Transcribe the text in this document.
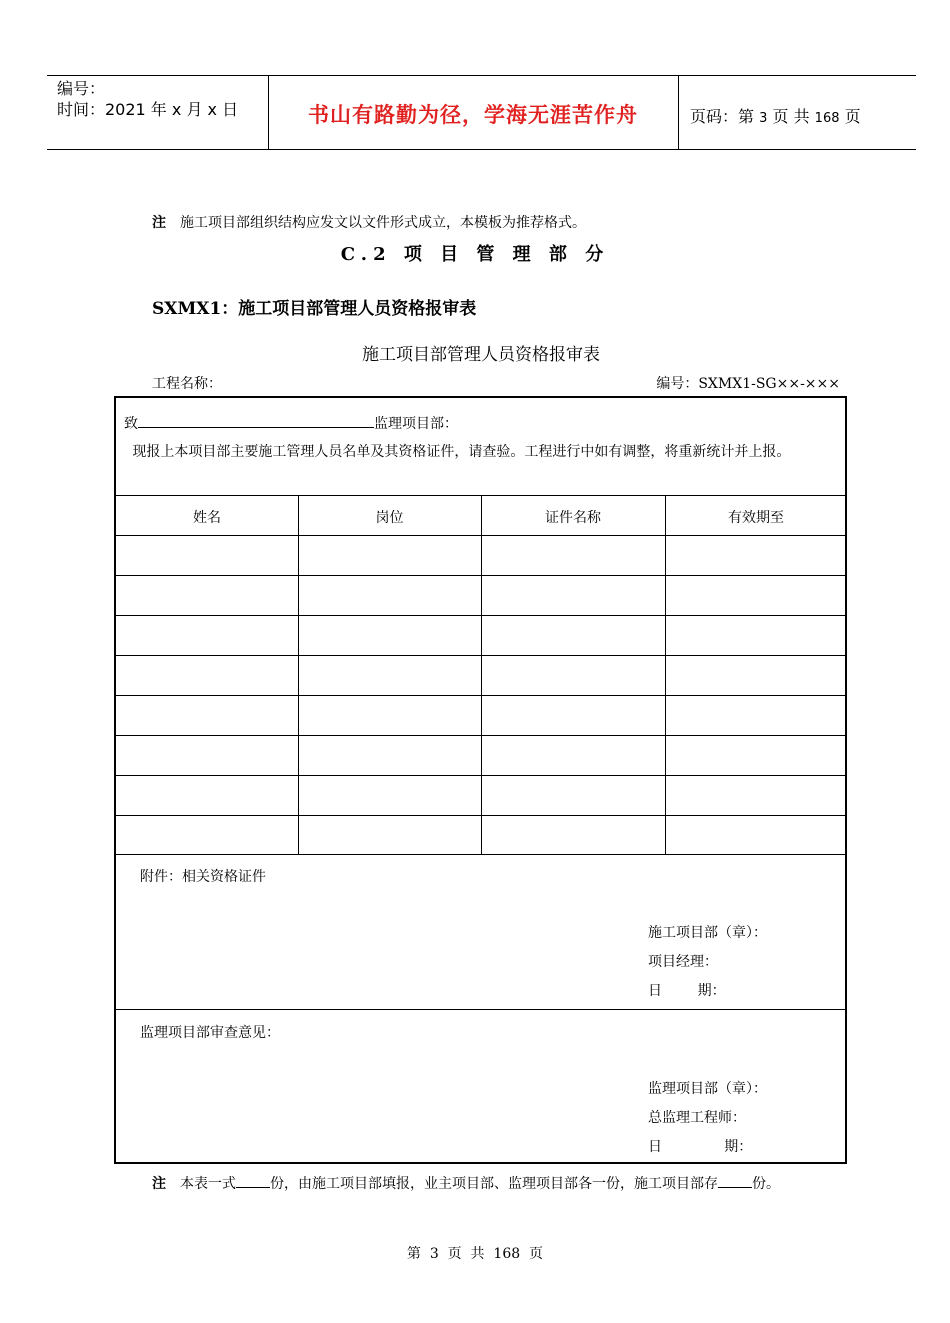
编号：
时间：2021 年 x 月 x 日	书山有路勤为径，学海无涯苦作舟	页码：第 3 页 共 168 页
注 施工项目部组织结构应发文以文件形式成立，本模板为推荐格式。
C.2 项 目 管 理 部 分
SXMX1：施工项目部管理人员资格报审表
施工项目部管理人员资格报审表
工程名称：	编号：SXMX1-SG××-×××
致	监理项目部：
现报上本项目部主要施工管理人员名单及其资格证件，请查验。工程进行中如有调整，将重新统计并上报。
姓名	岗位	证件名称	有效期至
附件：相关资格证件
施工项目部（章）：
项目经理：
日        期：
监理项目部审查意见：
监理项目部（章）：
总监理工程师：
日              期：
注 本表一式 份，由施工项目部填报，业主项目部、监理项目部各一份，施工项目部存 份。
第  3  页  共  168  页
